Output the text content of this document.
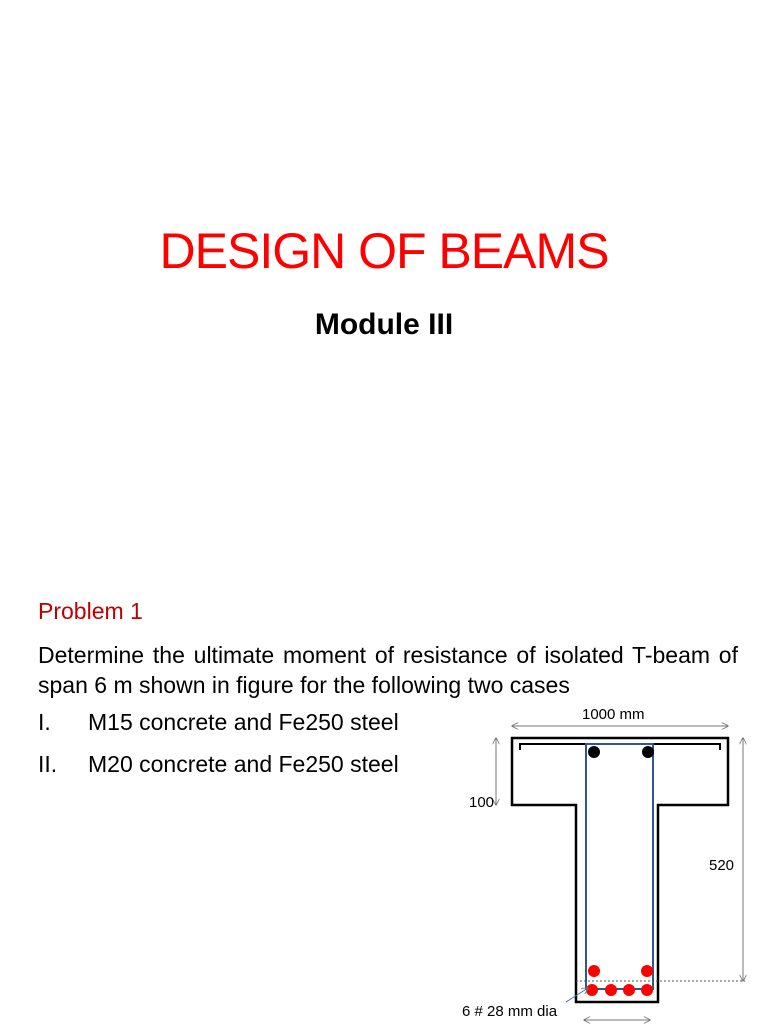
DESIGN OF BEAMS
Module III
Problem 1
Determine the ultimate moment of resistance of isolated T-beam of span 6 m shown in figure for the following two cases
I. M15 concrete and Fe250 steel
II. M20 concrete and Fe250 steel
1000 mm
100
520
6 # 28 mm dia
